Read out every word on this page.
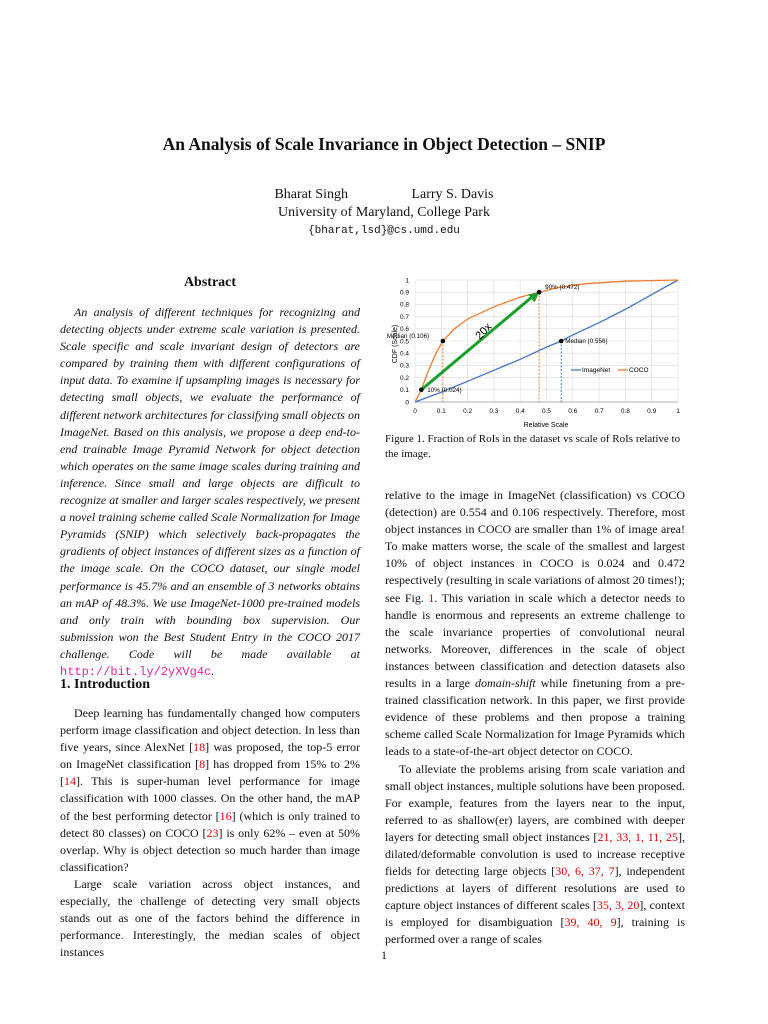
An Analysis of Scale Invariance in Object Detection – SNIP
Bharat Singh	Larry S. Davis
University of Maryland, College Park
{bharat,lsd}@cs.umd.edu
Abstract
An analysis of different techniques for recognizing and detecting objects under extreme scale variation is presented. Scale specific and scale invariant design of detectors are compared by training them with different configurations of input data. To examine if upsampling images is necessary for detecting small objects, we evaluate the performance of different network architectures for classifying small objects on ImageNet. Based on this analysis, we propose a deep end-to-end trainable Image Pyramid Network for object detection which operates on the same image scales during training and inference. Since small and large objects are difficult to recognize at smaller and larger scales respectively, we present a novel training scheme called Scale Normalization for Image Pyramids (SNIP) which selectively back-propagates the gradients of object instances of different sizes as a function of the image scale. On the COCO dataset, our single model performance is 45.7% and an ensemble of 3 networks obtains an mAP of 48.3%. We use ImageNet-1000 pre-trained models and only train with bounding box supervision. Our submission won the Best Student Entry in the COCO 2017 challenge. Code will be made available at http://bit.ly/2yXVg4c.
1. Introduction

Deep learning has fundamentally changed how computers perform image classification and object detection. In less than five years, since AlexNet [18] was proposed, the top-5 error on ImageNet classification [8] has dropped from 15% to 2% [14]. This is super-human level performance for image classification with 1000 classes. On the other hand, the mAP of the best performing detector [16] (which is only trained to detect 80 classes) on COCO [23] is only 62% – even at 50% overlap. Why is object detection so much harder than image classification?

Large scale variation across object instances, and especially, the challenge of detecting very small objects stands out as one of the factors behind the difference in performance. Interestingly, the median scales of object instances

0
0.1
0.2
0.3
0.4
0.5
0.6
0.7
0.8
0.9
1
0	0.1	0.2	0.3	0.4	0.5	0.6	0.7	0.8	0.9	1
20x
90% (0.472)
Median (0.106)
Median (0.556)
10% (0.024)
Relative Scale
CDF (Scale)
ImageNet	COCO
Figure 1. Fraction of RoIs in the dataset vs scale of RoIs relative to the image.

relative to the image in ImageNet (classification) vs COCO (detection) are 0.554 and 0.106 respectively. Therefore, most object instances in COCO are smaller than 1% of image area! To make matters worse, the scale of the smallest and largest 10% of object instances in COCO is 0.024 and 0.472 respectively (resulting in scale variations of almost 20 times!); see Fig. 1. This variation in scale which a detector needs to handle is enormous and represents an extreme challenge to the scale invariance properties of convolutional neural networks. Moreover, differences in the scale of object instances between classification and detection datasets also results in a large domain-shift while finetuning from a pre-trained classification network. In this paper, we first provide evidence of these problems and then propose a training scheme called Scale Normalization for Image Pyramids which leads to a state-of-the-art object detector on COCO.

To alleviate the problems arising from scale variation and small object instances, multiple solutions have been proposed. For example, features from the layers near to the input, referred to as shallow(er) layers, are combined with deeper layers for detecting small object instances [21, 33, 1, 11, 25], dilated/deformable convolution is used to increase receptive fields for detecting large objects [30, 6, 37, 7], independent predictions at layers of different resolutions are used to capture object instances of different scales [35, 3, 20], context is employed for disambiguation [39, 40, 9], training is performed over a range of scales

1
